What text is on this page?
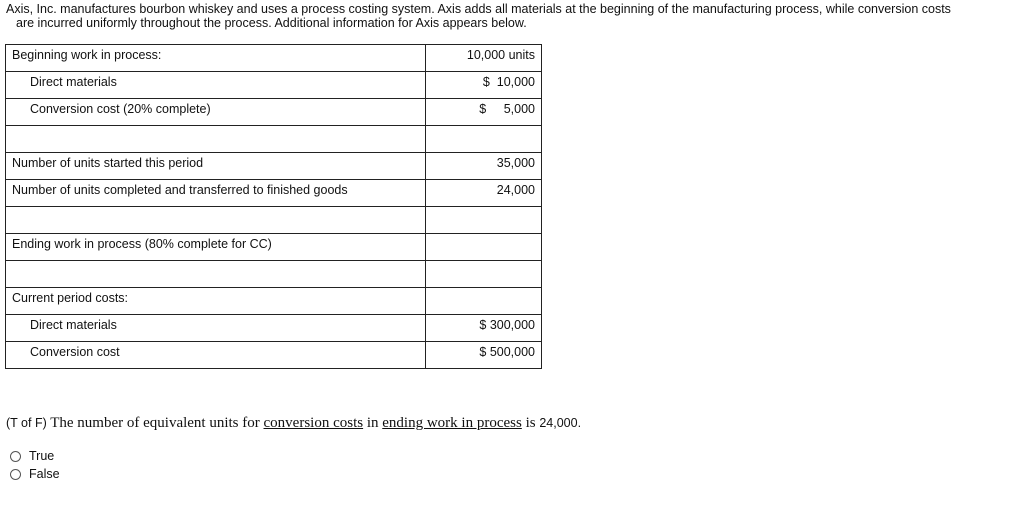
Axis, Inc. manufactures bourbon whiskey and uses a process costing system. Axis adds all materials at the beginning of the manufacturing process, while conversion costs
are incurred uniformly throughout the process. Additional information for Axis appears below.
Beginning work in process:	10,000 units
Direct materials	$ 10,000
Conversion cost (20% complete)	$ 5,000

Number of units started this period	35,000
Number of units completed and transferred to finished goods	24,000

Ending work in process (80% complete for CC)	

Current period costs:	
Direct materials	$ 300,000
Conversion cost	$ 500,000
(T of F) The number of equivalent units for conversion costs in ending work in process is 24,000.
True
False
